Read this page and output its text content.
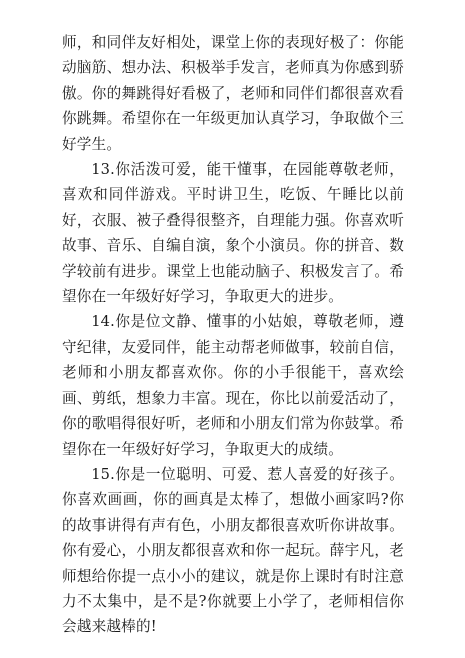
师，和同伴友好相处，课堂上你的表现好极了：你能动脑筋、想办法、积极举手发言，老师真为你感到骄傲。你的舞跳得好看极了，老师和同伴们都很喜欢看你跳舞。希望你在一年级更加认真学习，争取做个三好学生。

13.你活泼可爱，能干懂事，在园能尊敬老师，喜欢和同伴游戏。平时讲卫生，吃饭、午睡比以前好，衣服、被子叠得很整齐，自理能力强。你喜欢听故事、音乐、自编自演，象个小演员。你的拼音、数学较前有进步。课堂上也能动脑子、积极发言了。希望你在一年级好好学习，争取更大的进步。

14.你是位文静、懂事的小姑娘，尊敬老师，遵守纪律，友爱同伴，能主动帮老师做事，较前自信，老师和小朋友都喜欢你。你的小手很能干，喜欢绘画、剪纸，想象力丰富。现在，你比以前爱活动了，你的歌唱得很好听，老师和小朋友们常为你鼓掌。希望你在一年级好好学习，争取更大的成绩。

15.你是一位聪明、可爱、惹人喜爱的好孩子。你喜欢画画，你的画真是太棒了，想做小画家吗?你的故事讲得有声有色，小朋友都很喜欢听你讲故事。你有爱心，小朋友都很喜欢和你一起玩。薛宇凡，老师想给你提一点小小的建议，就是你上课时有时注意力不太集中，是不是?你就要上小学了，老师相信你会越来越棒的!
